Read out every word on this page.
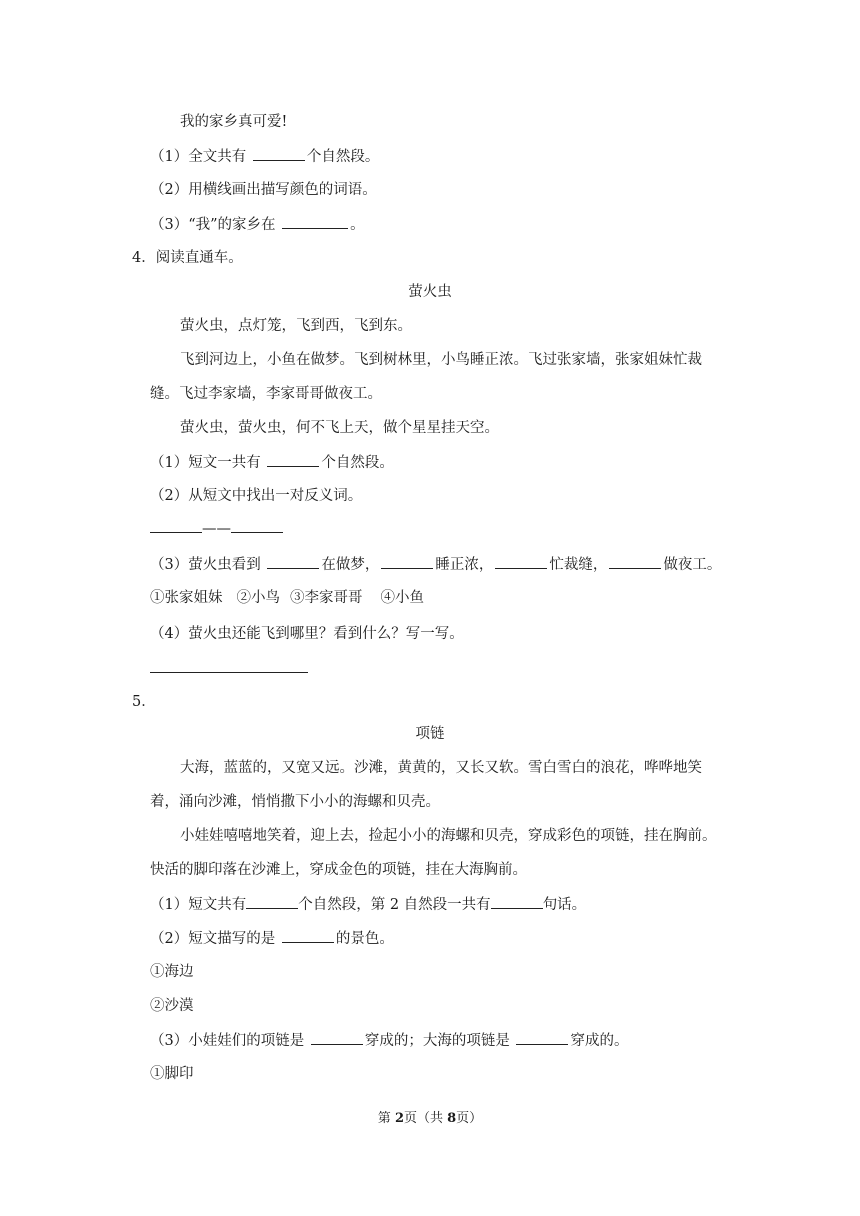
我的家乡真可爱!
（1）全文共有	个自然段。
（2）用横线画出描写颜色的词语。
（3）“我”的家乡在	。
4．阅读直通车。
萤火虫
萤火虫，点灯笼，飞到西，飞到东。
飞到河边上，小鱼在做梦。飞到树林里，小鸟睡正浓。飞过张家墙，张家姐妹忙裁
缝。飞过李家墙，李家哥哥做夜工。
萤火虫，萤火虫，何不飞上天，做个星星挂天空。
（1）短文一共有	个自然段。
（2）从短文中找出一对反义词。
——
（3）萤火虫看到	在做梦，	睡正浓，	忙裁缝，	做夜工。
①张家姐妹 ②小鸟 ③李家哥哥 ④小鱼
（4）萤火虫还能飞到哪里？看到什么？写一写。
5．
项链
大海，蓝蓝的，又宽又远。沙滩，黄黄的，又长又软。雪白雪白的浪花，哗哗地笑
着，涌向沙滩，悄悄撒下小小的海螺和贝壳。
小娃娃嘻嘻地笑着，迎上去，捡起小小的海螺和贝壳，穿成彩色的项链，挂在胸前。
快活的脚印落在沙滩上，穿成金色的项链，挂在大海胸前。
（1）短文共有	个自然段，第 2 自然段一共有	句话。
（2）短文描写的是	的景色。
①海边
②沙漠
（3）小娃娃们的项链是	穿成的；大海的项链是	穿成的。
①脚印
第 2页（共 8页）
